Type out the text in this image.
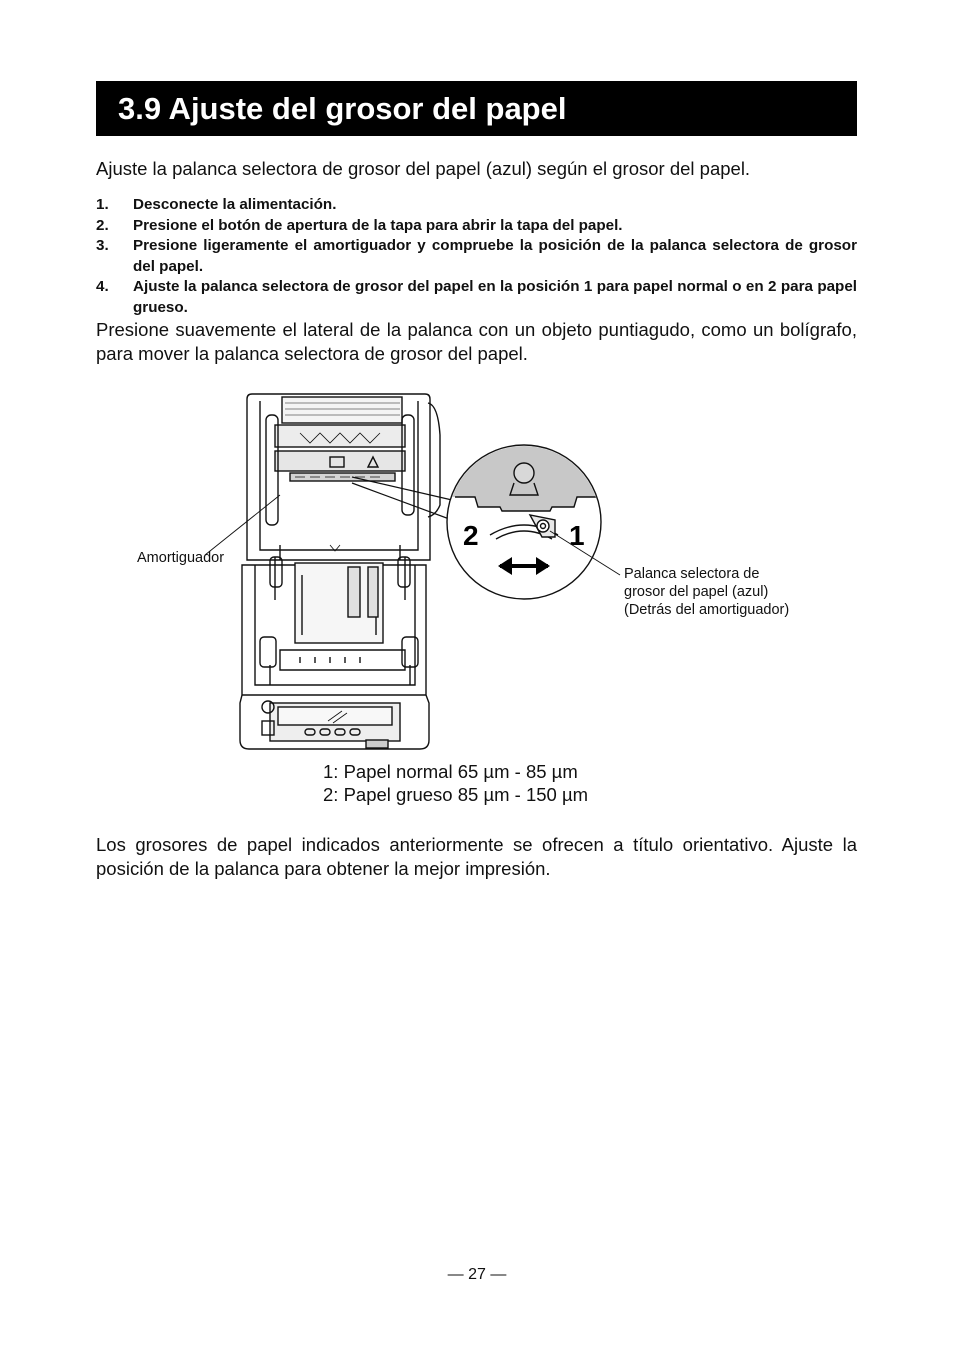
3.9 Ajuste del grosor del papel

Ajuste la palanca selectora de grosor del papel (azul) según el grosor del papel.

1. Desconecte la alimentación.
2. Presione el botón de apertura de la tapa para abrir la tapa del papel.
3. Presione ligeramente el amortiguador y compruebe la posición de la palanca selectora de grosor del papel.
4. Ajuste la palanca selectora de grosor del papel en la posición 1 para papel normal o en 2 para papel grueso.

Presione suavemente el lateral de la palanca con un objeto puntiagudo, como un bolígrafo, para mover la palanca selectora de grosor del papel.

2	1
Amortiguador
Palanca selectora de
grosor del papel (azul)
(Detrás del amortiguador)
1: Papel normal 65 µm - 85 µm
2: Papel grueso 85 µm - 150 µm

Los grosores de papel indicados anteriormente se ofrecen a título orientativo. Ajuste la posición de la palanca para obtener la mejor impresión.

— 27 —
